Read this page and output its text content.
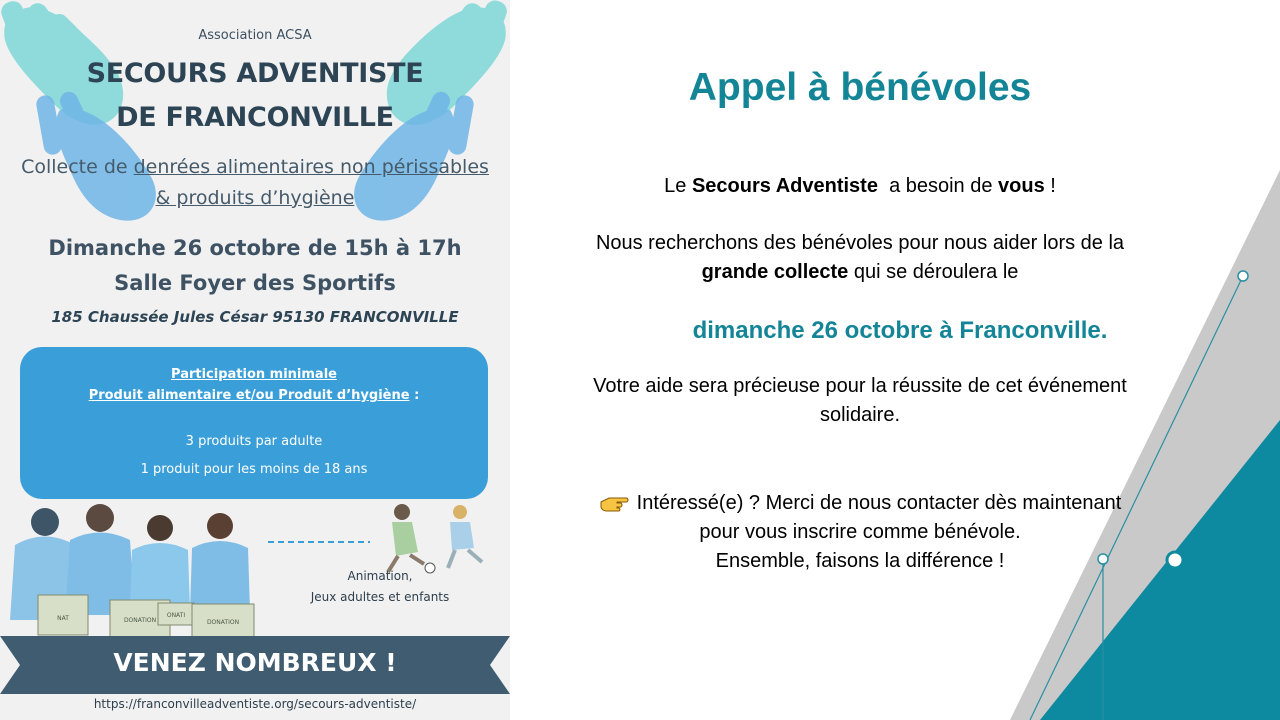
Association ACSA
SECOURS ADVENTISTE
DE FRANCONVILLE
Collecte de denrées alimentaires non périssables
& produits d’hygiène
Dimanche 26 octobre de 15h à 17h
Salle Foyer des Sportifs
185 Chaussée Jules César 95130 FRANCONVILLE
Participation minimale
Produit alimentaire et/ou Produit d’hygiène :
3 produits par adulte
1 produit pour les moins de 18 ans
NAT	DONATION
ONATI
DONATION
Animation,
Jeux adultes et enfants
VENEZ NOMBREUX !
https://franconvilleadventiste.org/secours-adventiste/
Appel à bénévoles
Le Secours Adventiste  a besoin de vous !
Nous recherchons des bénévoles pour nous aider lors de la
grande collecte qui se déroulera le
dimanche 26 octobre à Franconville.
Votre aide sera précieuse pour la réussite de cet événement
solidaire.
Intéressé(e) ? Merci de nous contacter dès maintenant
pour vous inscrire comme bénévole.
Ensemble, faisons la différence !
